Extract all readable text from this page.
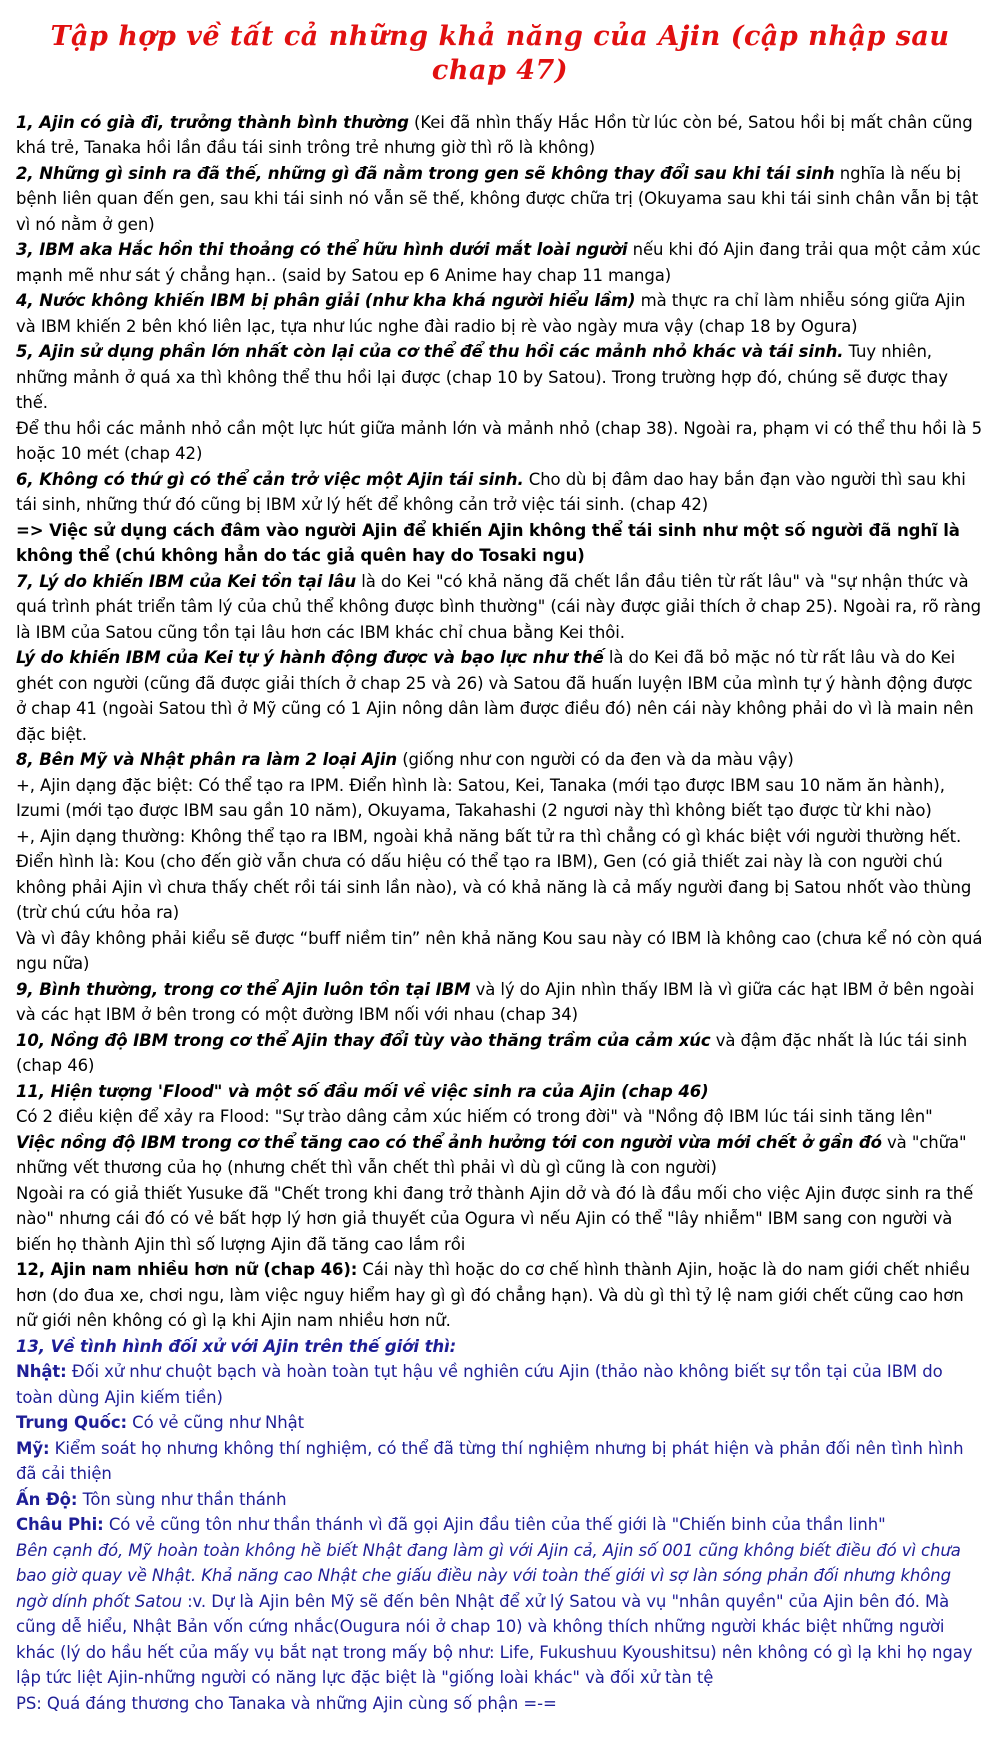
Tập hợp về tất cả những khả năng của Ajin (cập nhập sau chap 47)

1, Ajin có già đi, trưởng thành bình thường (Kei đã nhìn thấy Hắc Hồn từ lúc còn bé, Satou hồi bị mất chân cũng khá trẻ, Tanaka hồi lần đầu tái sinh trông trẻ nhưng giờ thì rõ là không)

2, Những gì sinh ra đã thế, những gì đã nằm trong gen sẽ không thay đổi sau khi tái sinh nghĩa là nếu bị bệnh liên quan đến gen, sau khi tái sinh nó vẫn sẽ thế, không được chữa trị (Okuyama sau khi tái sinh chân vẫn bị tật vì nó nằm ở gen)

3, IBM aka Hắc hồn thi thoảng có thể hữu hình dưới mắt loài người nếu khi đó Ajin đang trải qua một cảm xúc mạnh mẽ như sát ý chẳng hạn.. (said by Satou ep 6 Anime hay chap 11 manga)

4, Nước không khiến IBM bị phân giải (như kha khá người hiểu lầm) mà thực ra chỉ làm nhiễu sóng giữa Ajin và IBM khiến 2 bên khó liên lạc, tựa như lúc nghe đài radio bị rè vào ngày mưa vậy (chap 18 by Ogura)

5, Ajin sử dụng phần lớn nhất còn lại của cơ thể để thu hồi các mảnh nhỏ khác và tái sinh. Tuy nhiên, những mảnh ở quá xa thì không thể thu hồi lại được (chap 10 by Satou). Trong trường hợp đó, chúng sẽ được thay thế.

Để thu hồi các mảnh nhỏ cần một lực hút giữa mảnh lớn và mảnh nhỏ (chap 38). Ngoài ra, phạm vi có thể thu hồi là 5 hoặc 10 mét (chap 42)

6, Không có thứ gì có thể cản trở việc một Ajin tái sinh. Cho dù bị đâm dao hay bắn đạn vào người thì sau khi tái sinh, những thứ đó cũng bị IBM xử lý hết để không cản trở việc tái sinh. (chap 42)

=> Việc sử dụng cách đâm vào người Ajin để khiến Ajin không thể tái sinh như một số người đã nghĩ là không thể (chú không hẳn do tác giả quên hay do Tosaki ngu)

7, Lý do khiến IBM của Kei tồn tại lâu là do Kei "có khả năng đã chết lần đầu tiên từ rất lâu" và "sự nhận thức và quá trình phát triển tâm lý của chủ thể không được bình thường" (cái này được giải thích ở chap 25). Ngoài ra, rõ ràng là IBM của Satou cũng tồn tại lâu hơn các IBM khác chỉ chua bằng Kei thôi.

Lý do khiến IBM của Kei tự ý hành động được và bạo lực như thế là do Kei đã bỏ mặc nó từ rất lâu và do Kei ghét con người (cũng đã được giải thích ở chap 25 và 26) và Satou đã huấn luyện IBM của mình tự ý hành động được ở chap 41 (ngoài Satou thì ở Mỹ cũng có 1 Ajin nông dân làm được điều đó) nên cái này không phải do vì là main nên đặc biệt.

8, Bên Mỹ và Nhật phân ra làm 2 loại Ajin (giống như con người có da đen và da màu vậy)

+, Ajin dạng đặc biệt: Có thể tạo ra IPM. Điển hình là: Satou, Kei, Tanaka (mới tạo được IBM sau 10 năm ăn hành), Izumi (mới tạo được IBM sau gần 10 năm), Okuyama, Takahashi (2 ngươi này thì không biết tạo được từ khi nào)

+, Ajin dạng thường: Không thể tạo ra IBM, ngoài khả năng bất tử ra thì chẳng có gì khác biệt với người thường hết. Điển hình là: Kou (cho đến giờ vẫn chưa có dấu hiệu có thể tạo ra IBM), Gen (có giả thiết zai này là con người chú không phải Ajin vì chưa thấy chết rồi tái sinh lần nào), và có khả năng là cả mấy người đang bị Satou nhốt vào thùng (trừ chú cứu hỏa ra)

Và vì đây không phải kiểu sẽ được “buff niềm tin” nên khả năng Kou sau này có IBM là không cao (chưa kể nó còn quá ngu nữa)

9, Bình thường, trong cơ thể Ajin luôn tồn tại IBM và lý do Ajin nhìn thấy IBM là vì giữa các hạt IBM ở bên ngoài và các hạt IBM ở bên trong có một đường IBM nối với nhau (chap 34)

10, Nồng độ IBM trong cơ thể Ajin thay đổi tùy vào thăng trầm của cảm xúc và đậm đặc nhất là lúc tái sinh (chap 46)

11, Hiện tượng 'Flood" và một số đầu mối về việc sinh ra của Ajin (chap 46)

Có 2 điều kiện để xảy ra Flood: "Sự trào dâng cảm xúc hiếm có trong đời" và "Nồng độ IBM lúc tái sinh tăng lên"

Việc nồng độ IBM trong cơ thể tăng cao có thể ảnh hưởng tới con người vừa mới chết ở gần đó và "chữa" những vết thương của họ (nhưng chết thì vẫn chết thì phải vì dù gì cũng là con người)

Ngoài ra có giả thiết Yusuke đã "Chết trong khi đang trở thành Ajin dở và đó là đầu mối cho việc Ajin được sinh ra thế nào" nhưng cái đó có vẻ bất hợp lý hơn giả thuyết của Ogura vì nếu Ajin có thể "lây nhiễm" IBM sang con người và biến họ thành Ajin thì số lượng Ajin đã tăng cao lắm rồi

12, Ajin nam nhiều hơn nữ (chap 46): Cái này thì hoặc do cơ chế hình thành Ajin, hoặc là do nam giới chết nhiều hơn (do đua xe, chơi ngu, làm việc nguy hiểm hay gì gì đó chẳng hạn). Và dù gì thì tỷ lệ nam giới chết cũng cao hơn nữ giới nên không có gì lạ khi Ajin nam nhiều hơn nữ.

13, Về tình hình đối xử với Ajin trên thế giới thì:

Nhật: Đối xử như chuột bạch và hoàn toàn tụt hậu về nghiên cứu Ajin (thảo nào không biết sự tồn tại của IBM do toàn dùng Ajin kiếm tiền)

Trung Quốc: Có vẻ cũng như Nhật

Mỹ: Kiểm soát họ nhưng không thí nghiệm, có thể đã từng thí nghiệm nhưng bị phát hiện và phản đối nên tình hình đã cải thiện

Ấn Độ: Tôn sùng như thần thánh

Châu Phi: Có vẻ cũng tôn như thần thánh vì đã gọi Ajin đầu tiên của thế giới là "Chiến binh của thần linh"

Bên cạnh đó, Mỹ hoàn toàn không hề biết Nhật đang làm gì với Ajin cả, Ajin số 001 cũng không biết điều đó vì chưa bao giờ quay về Nhật. Khả năng cao Nhật che giấu điều này với toàn thế giới vì sợ làn sóng phản đối nhưng không ngờ dính phốt Satou :v. Dự là Ajin bên Mỹ sẽ đến bên Nhật để xử lý Satou và vụ "nhân quyền" của Ajin bên đó. Mà cũng dễ hiểu, Nhật Bản vốn cứng nhắc(Ougura nói ở chap 10) và không thích những người khác biệt những người khác (lý do hầu hết của mấy vụ bắt nạt trong mấy bộ như: Life, Fukushuu Kyoushitsu) nên không có gì lạ khi họ ngay lập tức liệt Ajin-những người có năng lực đặc biệt là "giống loài khác" và đối xử tàn tệ

PS: Quá đáng thương cho Tanaka và những Ajin cùng số phận =-=
